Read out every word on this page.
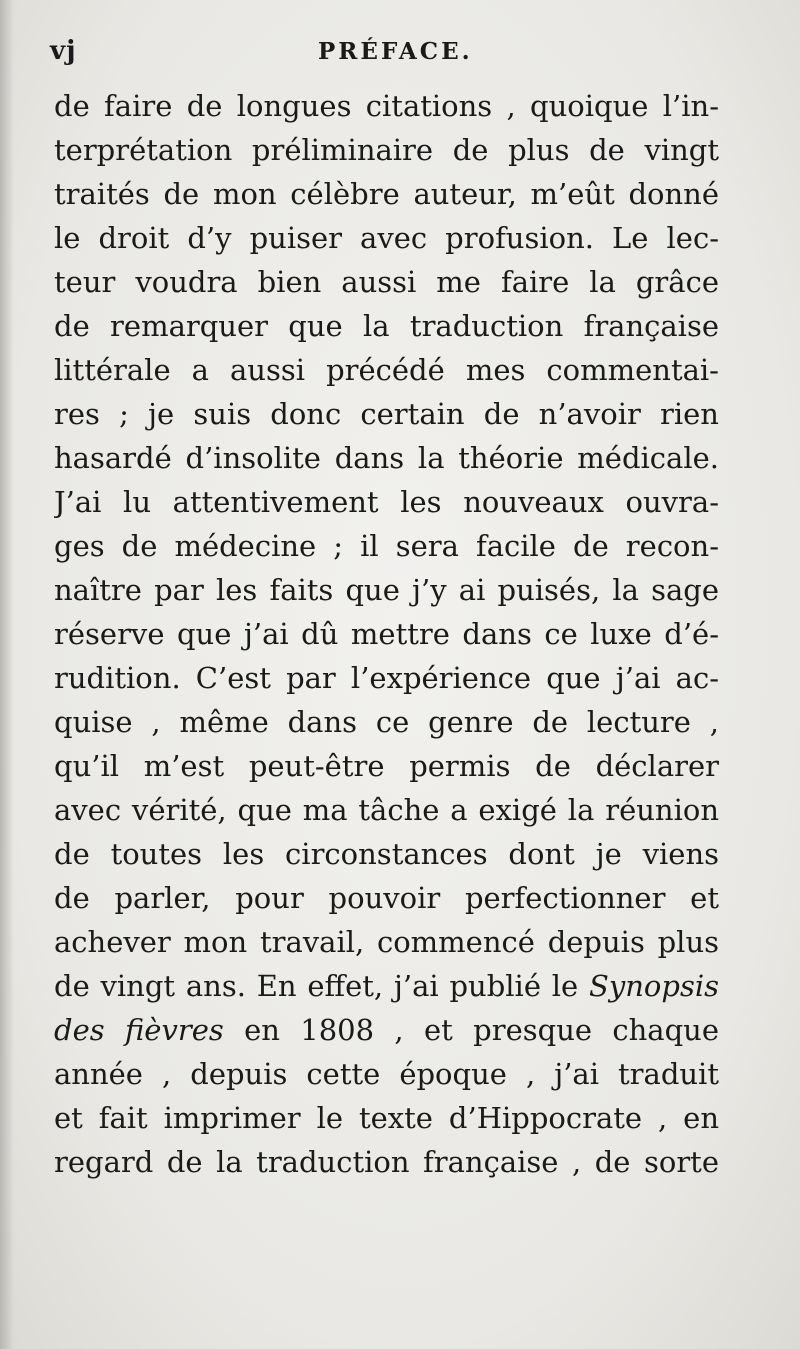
vj	PRÉFACE.
de faire de longues citations , quoique l’in-
terprétation préliminaire de plus de vingt
traités de mon célèbre auteur, m’eût donné
le droit d’y puiser avec profusion. Le lec-
teur voudra bien aussi me faire la grâce
de remarquer que la traduction française
littérale a aussi précédé mes commentai-
res ; je suis donc certain de n’avoir rien
hasardé d’insolite dans la théorie médicale.
J’ai lu attentivement les nouveaux ouvra-
ges de médecine ; il sera facile de recon-
naître par les faits que j’y ai puisés, la sage
réserve que j’ai dû mettre dans ce luxe d’é-
rudition. C’est par l’expérience que j’ai ac-
quise , même dans ce genre de lecture ,
qu’il m’est peut-être permis de déclarer
avec vérité, que ma tâche a exigé la réunion
de toutes les circonstances dont je viens
de parler, pour pouvoir perfectionner et
achever mon travail, commencé depuis plus
de vingt ans. En effet, j’ai publié le Synopsis
des fièvres en 1808 , et presque chaque
année , depuis cette époque , j’ai traduit
et fait imprimer le texte d’Hippocrate , en
regard de la traduction française , de sorte
